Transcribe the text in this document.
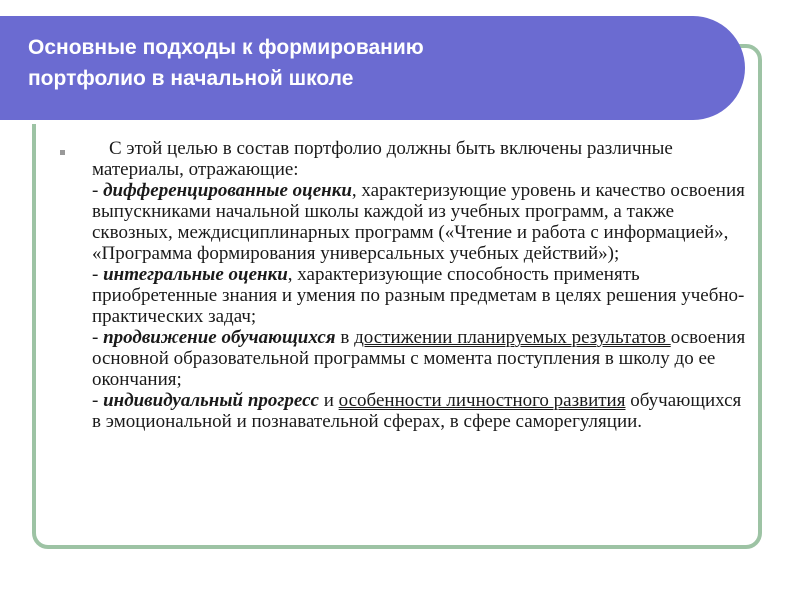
Основные подходы к формированию
портфолио в начальной школе
С этой целью в состав портфолио должны быть включены различные материалы, отражающие:
- дифференцированные оценки, характеризующие уровень и качество освоения выпускниками начальной школы каждой из учебных программ, а также сквозных, междисциплинарных программ («Чтение и работа с информацией», «Программа формирования универсальных учебных действий»);
- интегральные оценки, характеризующие способность применять приобретенные знания и умения по разным предметам в целях решения учебно-практических задач;
- продвижение обучающихся в достижении планируемых результатов освоения основной образовательной программы с момента поступления в школу до ее окончания;
- индивидуальный прогресс и особенности личностного развития обучающихся в эмоциональной и познавательной сферах, в сфере саморегуляции.
